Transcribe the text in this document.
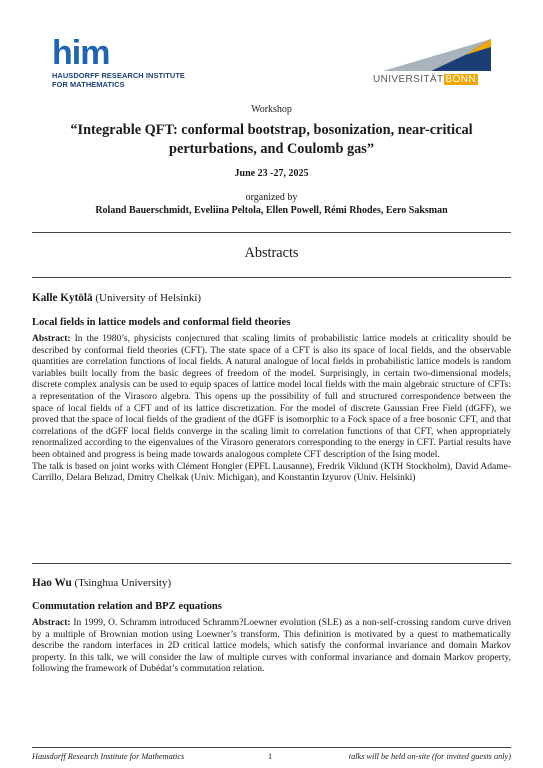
him
HAUSDORFF RESEARCH INSTITUTE
FOR MATHEMATICS	UNIVERSITÄT BONN
Workshop
“Integrable QFT: conformal bootstrap, bosonization, near-critical
perturbations, and Coulomb gas”
June 23 -27, 2025
organized by
Roland Bauerschmidt, Eveliina Peltola, Ellen Powell, Rémi Rhodes, Eero Saksman
Abstracts
Kalle Kytölä (University of Helsinki)
Local fields in lattice models and conformal field theories
Abstract: In the 1980’s, physicists conjectured that scaling limits of probabilistic lattice models at criticality should be described by conformal field theories (CFT). The state space of a CFT is also its space of local fields, and the observable quantities are correlation functions of local fields. A natural analogue of local fields in probabilistic lattice models is random variables built locally from the basic degrees of freedom of the model. Surprisingly, in certain two-dimensional models, discrete complex analysis can be used to equip spaces of lattice model local fields with the main algebraic structure of CFTs: a representation of the Virasoro algebra. This opens up the possibility of full and structured correspondence between the space of local fields of a CFT and of its lattice discretization. For the model of discrete Gaussian Free Field (dGFF), we proved that the space of local fields of the gradient of the dGFF is isomorphic to a Fock space of a free bosonic CFT, and that correlations of the dGFF local fields converge in the scaling limit to correlation functions of that CFT, when appropriately renormalized according to the eigenvalues of the Virasoro generators corresponding to the energy in CFT. Partial results have been obtained and progress is being made towards analogous complete CFT description of the Ising model.
The talk is based on joint works with Clément Hongler (EPFL Lausanne), Fredrik Viklund (KTH Stockholm), David Adame-Carrillo, Delara Behzad, Dmitry Chelkak (Univ. Michigan), and Konstantin Izyurov (Univ. Helsinki)
Hao Wu (Tsinghua University)
Commutation relation and BPZ equations
Abstract: In 1999, O. Schramm introduced Schramm?Loewner evolution (SLE) as a non-self-crossing random curve driven by a multiple of Brownian motion using Loewner’s transform. This definition is motivated by a quest to mathematically describe the random interfaces in 2D critical lattice models, which satisfy the conformal invariance and domain Markov property. In this talk, we will consider the law of multiple curves with conformal invariance and domain Markov property, following the framework of Dubédat’s commutation relation.
Hausdorff Research Institute for Mathematics	1	talks will be held on-site (for invited guests only)
